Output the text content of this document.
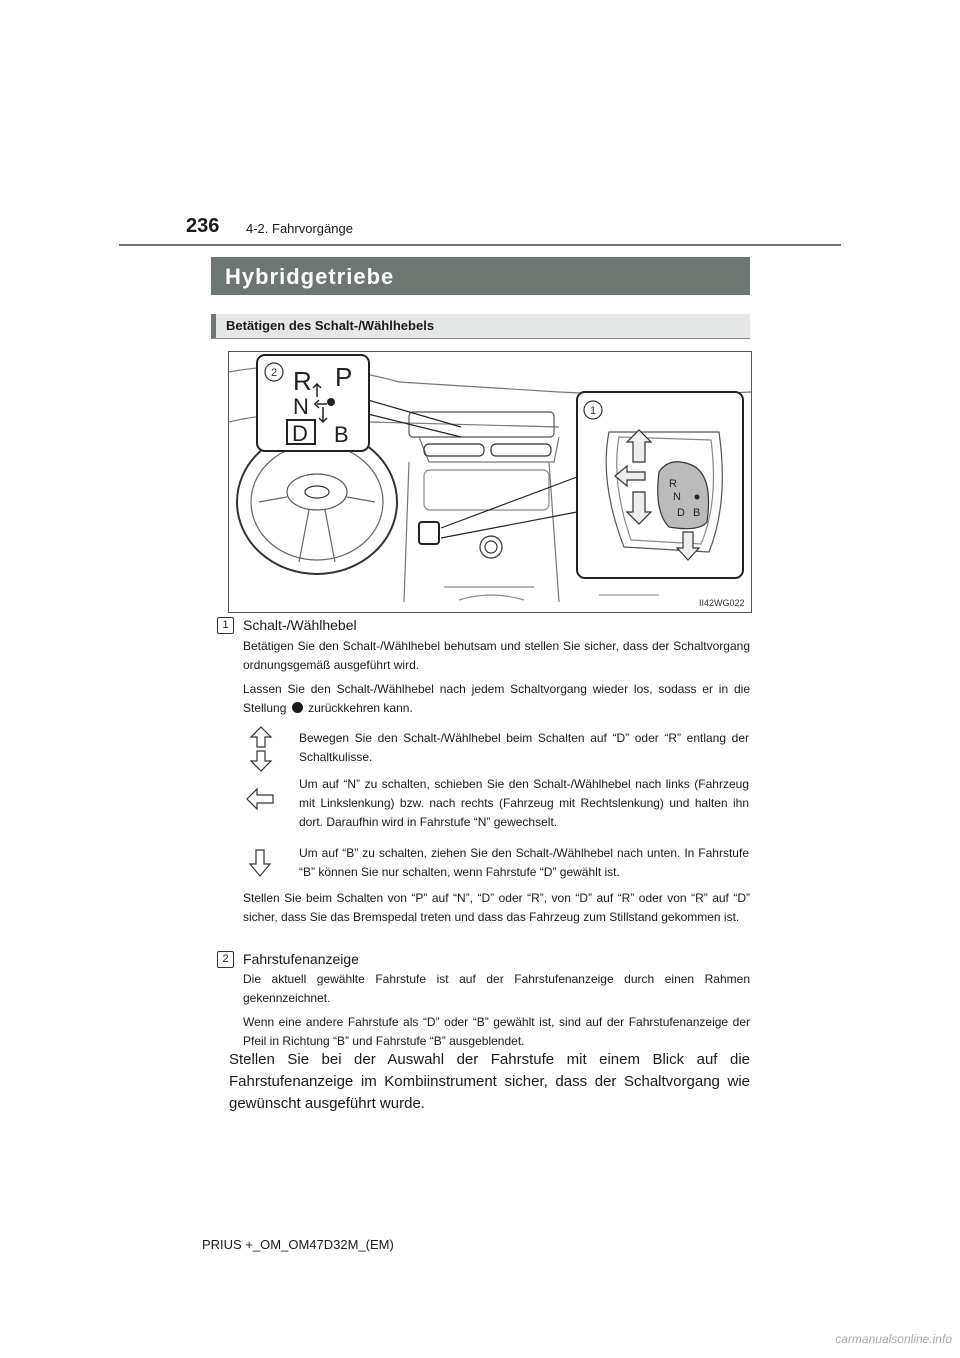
236 4-2. Fahrvorgänge
Hybridgetriebe
Betätigen des Schalt-/Wählhebels
2 R P
N
D B
1
R
N
D B
II42WG022
1	Schalt-/Wählhebel
Betätigen Sie den Schalt-/Wählhebel behutsam und stellen Sie sicher, dass der Schaltvorgang ordnungsgemäß ausgeführt wird.
Lassen Sie den Schalt-/Wählhebel nach jedem Schaltvorgang wieder los, sodass er in die Stellung zurückkehren kann.
Bewegen Sie den Schalt-/Wählhebel beim Schalten auf “D” oder “R” entlang der Schaltkulisse.
Um auf “N” zu schalten, schieben Sie den Schalt-/Wählhebel nach links (Fahrzeug mit Linkslenkung) bzw. nach rechts (Fahrzeug mit Rechtslenkung) und halten ihn dort. Daraufhin wird in Fahrstufe “N” gewechselt.
Um auf “B” zu schalten, ziehen Sie den Schalt-/Wählhebel nach unten. In Fahrstufe “B” können Sie nur schalten, wenn Fahrstufe “D” gewählt ist.
Stellen Sie beim Schalten von “P” auf “N”, “D” oder “R”, von “D” auf “R” oder von “R” auf “D” sicher, dass Sie das Bremspedal treten und dass das Fahrzeug zum Stillstand gekommen ist.
2	Fahrstufenanzeige
Die aktuell gewählte Fahrstufe ist auf der Fahrstufenanzeige durch einen Rahmen gekennzeichnet.
Wenn eine andere Fahrstufe als “D” oder “B” gewählt ist, sind auf der Fahrstufenanzeige der Pfeil in Richtung “B” und Fahrstufe “B” ausgeblendet.
Stellen Sie bei der Auswahl der Fahrstufe mit einem Blick auf die Fahrstufenanzeige im Kombiinstrument sicher, dass der Schaltvorgang wie gewünscht ausgeführt wurde.
PRIUS +_OM_OM47D32M_(EM)
carmanualsonline.info
